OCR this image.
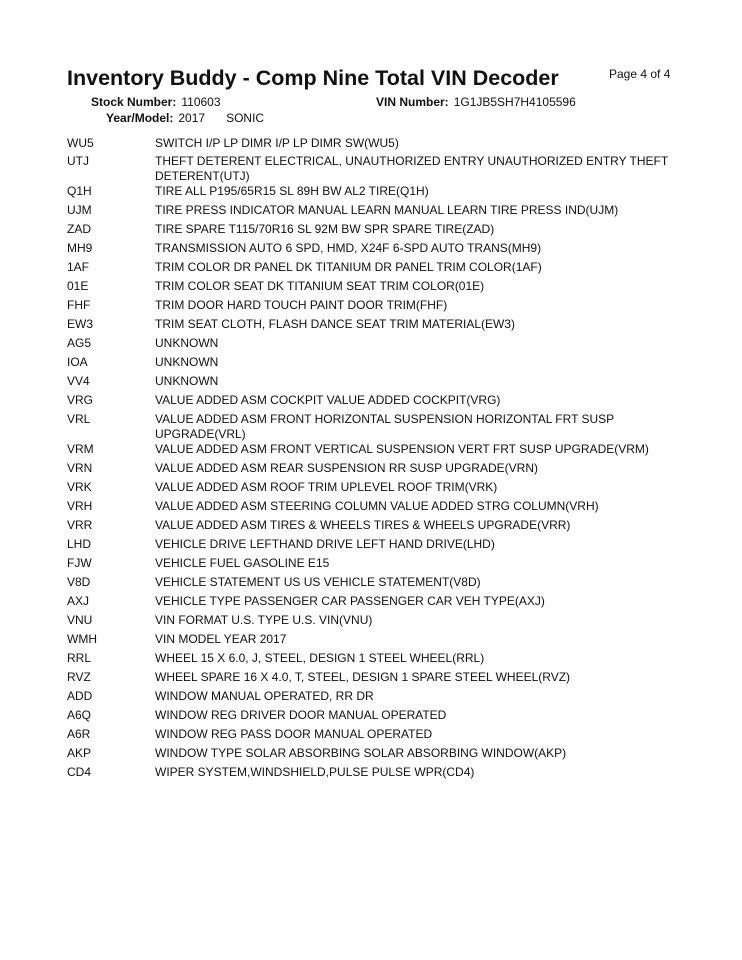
Inventory Buddy - Comp Nine Total VIN Decoder	Page 4 of 4
Stock Number: 110603	VIN Number: 1G1JB5SH7H4105596
Year/Model: 2017 SONIC
WU5	SWITCH I/P LP DIMR I/P LP DIMR SW(WU5)
UTJ	THEFT DETERENT ELECTRICAL, UNAUTHORIZED ENTRY UNAUTHORIZED ENTRY THEFT DETERENT(UTJ)
Q1H	TIRE ALL P195/65R15 SL 89H BW AL2 TIRE(Q1H)
UJM	TIRE PRESS INDICATOR MANUAL LEARN MANUAL LEARN TIRE PRESS IND(UJM)
ZAD	TIRE SPARE T115/70R16 SL 92M BW SPR SPARE TIRE(ZAD)
MH9	TRANSMISSION AUTO 6 SPD, HMD, X24F 6-SPD AUTO TRANS(MH9)
1AF	TRIM COLOR DR PANEL DK TITANIUM DR PANEL TRIM COLOR(1AF)
01E	TRIM COLOR SEAT DK TITANIUM SEAT TRIM COLOR(01E)
FHF	TRIM DOOR HARD TOUCH PAINT DOOR TRIM(FHF)
EW3	TRIM SEAT CLOTH, FLASH DANCE SEAT TRIM MATERIAL(EW3)
AG5	UNKNOWN
IOA	UNKNOWN
VV4	UNKNOWN
VRG	VALUE ADDED ASM COCKPIT VALUE ADDED COCKPIT(VRG)
VRL	VALUE ADDED ASM FRONT HORIZONTAL SUSPENSION HORIZONTAL FRT SUSP UPGRADE(VRL)
VRM	VALUE ADDED ASM FRONT VERTICAL SUSPENSION VERT FRT SUSP UPGRADE(VRM)
VRN	VALUE ADDED ASM REAR SUSPENSION RR SUSP UPGRADE(VRN)
VRK	VALUE ADDED ASM ROOF TRIM UPLEVEL ROOF TRIM(VRK)
VRH	VALUE ADDED ASM STEERING COLUMN VALUE ADDED STRG COLUMN(VRH)
VRR	VALUE ADDED ASM TIRES & WHEELS TIRES & WHEELS UPGRADE(VRR)
LHD	VEHICLE DRIVE LEFTHAND DRIVE LEFT HAND DRIVE(LHD)
FJW	VEHICLE FUEL GASOLINE E15
V8D	VEHICLE STATEMENT US US VEHICLE STATEMENT(V8D)
AXJ	VEHICLE TYPE PASSENGER CAR PASSENGER CAR VEH TYPE(AXJ)
VNU	VIN FORMAT U.S. TYPE U.S. VIN(VNU)
WMH	VIN MODEL YEAR 2017
RRL	WHEEL 15 X 6.0, J, STEEL, DESIGN 1 STEEL WHEEL(RRL)
RVZ	WHEEL SPARE 16 X 4.0, T, STEEL, DESIGN 1 SPARE STEEL WHEEL(RVZ)
ADD	WINDOW MANUAL OPERATED, RR DR
A6Q	WINDOW REG DRIVER DOOR MANUAL OPERATED
A6R	WINDOW REG PASS DOOR MANUAL OPERATED
AKP	WINDOW TYPE SOLAR ABSORBING SOLAR ABSORBING WINDOW(AKP)
CD4	WIPER SYSTEM,WINDSHIELD,PULSE PULSE WPR(CD4)
